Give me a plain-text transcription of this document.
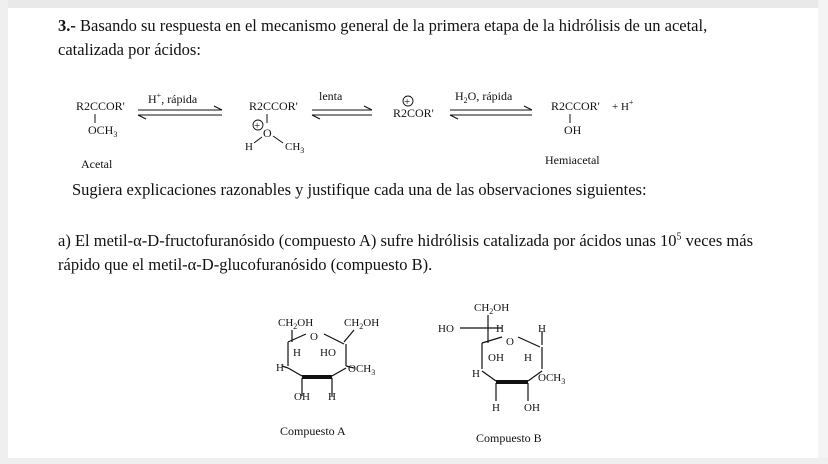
3.- Basando su respuesta en el mecanismo general de la primera etapa de la hidrólisis de un acetal,
catalizada por ácidos:
R2CCOR'
$OCH_3$
Acetal
H+, rápida	R2CCOR'
+ O
H	$CH_3$
lenta	+
R2COR'
$H_2O$, rápida
R2CCOR'
OH
+ H+
Hemiacetal
Sugiera explicaciones razonables y justifique cada una de las observaciones siguientes:
a) El metil-α-D-fructofuranósido (compuesto A) sufre hidrólisis catalizada por ácidos unas $10^5$ veces más
rápido que el metil-α-D-glucofuranósido (compuesto B).
$CH_2OH$	$CH_2OH$
O
H HO
H	$OCH_3$
OH H
Compuesto A
$CH_2OH$
HO	H	H
O
OH H
H	$OCH_3$
H OH
Compuesto B
